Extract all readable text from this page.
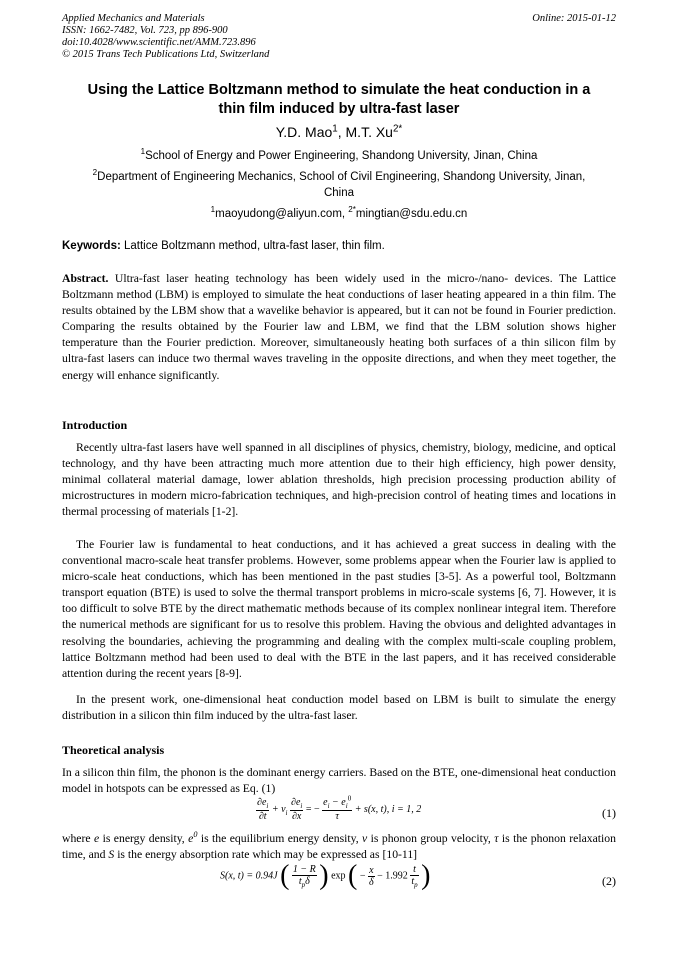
Applied Mechanics and Materials
ISSN: 1662-7482, Vol. 723, pp 896-900
doi:10.4028/www.scientific.net/AMM.723.896
© 2015 Trans Tech Publications Ltd, Switzerland
Online: 2015-01-12
Using the Lattice Boltzmann method to simulate the heat conduction in a
thin film induced by ultra-fast laser
Y.D. Mao$^1$, M.T. $Xu^{2*}$
$^1$School of Energy and Power Engineering, Shandong University, Jinan, China
$^2$Department of Engineering Mechanics, School of Civil Engineering, Shandong University, Jinan,
China
$^1$maoyudong@aliyun.com, $^{2*}$mingtian@sdu.edu.cn
Keywords: Lattice Boltzmann method, ultra-fast laser, thin film.
Abstract. Ultra-fast laser heating technology has been widely used in the micro-/nano- devices. The Lattice Boltzmann method (LBM) is employed to simulate the heat conductions of laser heating appeared in a thin film. The results obtained by the LBM show that a wavelike behavior is appeared, but it can not be found in Fourier prediction. Comparing the results obtained by the Fourier law and LBM, we find that the LBM solution shows higher temperature than the Fourier prediction. Moreover, simultaneously heating both surfaces of a thin silicon film by ultra-fast lasers can induce two thermal waves traveling in the opposite directions, and when they meet together, the energy will enhance significantly.
Introduction
Recently ultra-fast lasers have well spanned in all disciplines of physics, chemistry, biology, medicine, and optical technology, and thy have been attracting much more attention due to their high efficiency, high power density, minimal collateral material damage, lower ablation thresholds, high precision processing production ability of microstructures in modern micro-fabrication techniques, and high-precision control of heating times and locations in thermal processing of materials [1-2].
The Fourier law is fundamental to heat conductions, and it has achieved a great success in dealing with the conventional macro-scale heat transfer problems. However, some problems appear when the Fourier law is applied to micro-scale heat conductions, which has been mentioned in the past studies [3-5]. As a powerful tool, Boltzmann transport equation (BTE) is used to solve the thermal transport problems in micro-scale systems [6, 7]. However, it is too difficult to solve BTE by the direct mathematic methods because of its complex nonlinear integral item. Therefore the numerical methods are significant for us to resolve this problem. Having the obvious and delighted advantages in resolving the boundaries, achieving the programming and dealing with the complex multi-scale coupling problem, lattice Boltzmann method had been used to deal with the BTE in the last papers, and it has received considerable attention during the recent years [8-9].
In the present work, one-dimensional heat conduction model based on LBM is built to simulate the energy distribution in a silicon thin film induced by the ultra-fast laser.
Theoretical analysis
In a silicon thin film, the phonon is the dominant energy carriers. Based on the BTE, one-dimensional heat conduction model in hotspots can be expressed as Eq. (1)
$\frac{\partial e_i}{\partial t} + v_i \frac{\partial e_i}{\partial x}$ = − $\frac{e_i - e_i^0}{\tau} + s(x$, t), i = 1, 2	(1)
where e is energy density, $e^0$ is the equilibrium energy density, v is phonon group velocity, τ is the phonon relaxation time, and S is the energy absorption rate which may be expressed as [10-11]
S(x, t) = 0.94J ( $\frac{1 - R}{t_p\delta}$ ) exp ( − $\frac{x}{\delta} - 1.992 \frac{t}{t_p}$ )	(2)
